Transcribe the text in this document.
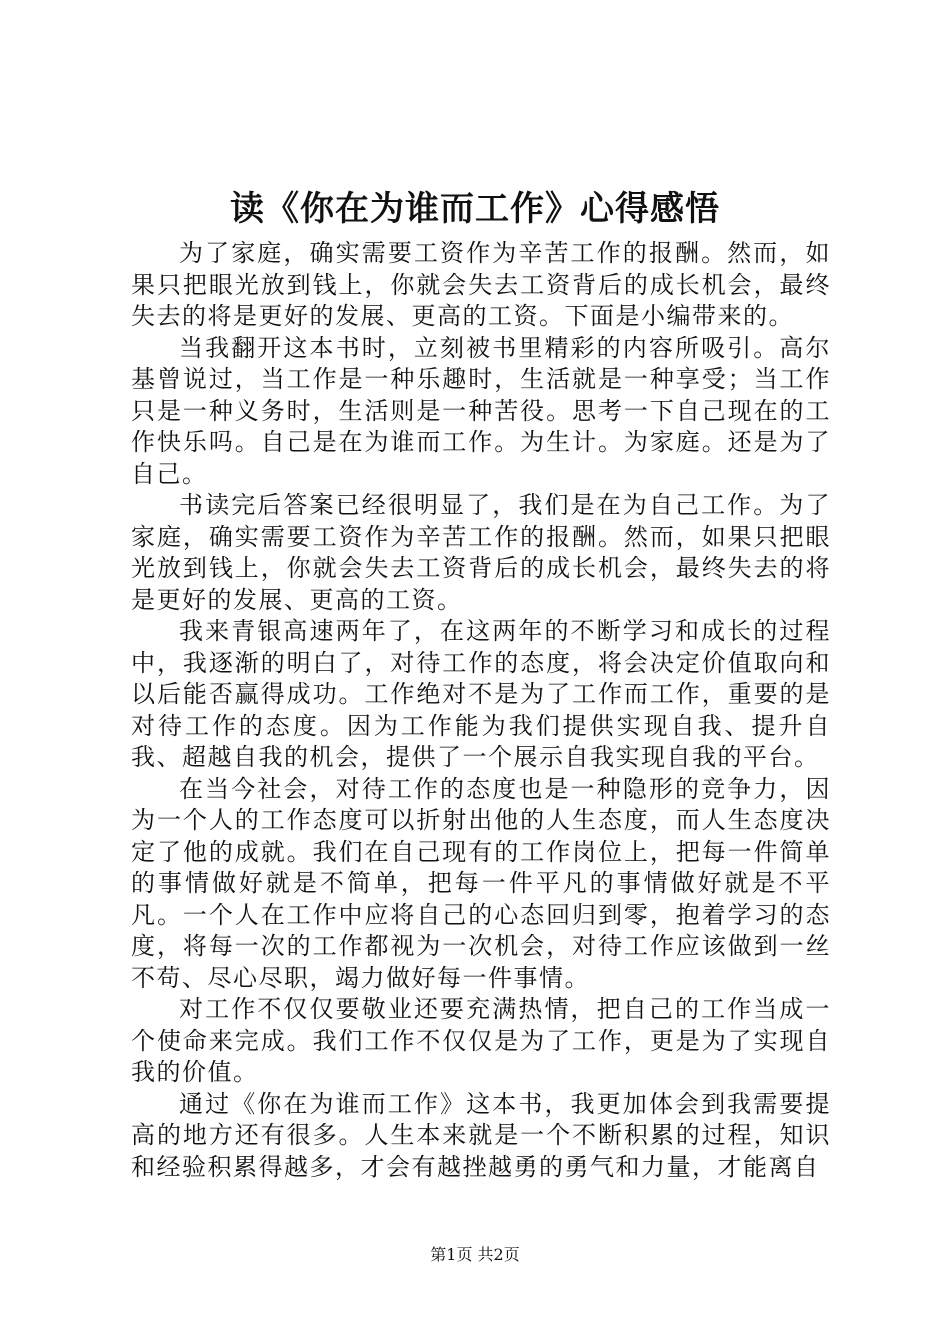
读《你在为谁而工作》心得感悟

为了家庭，确实需要工资作为辛苦工作的报酬。然而，如果只把眼光放到钱上，你就会失去工资背后的成长机会，最终失去的将是更好的发展、更高的工资。下面是小编带来的。

当我翻开这本书时，立刻被书里精彩的内容所吸引。高尔基曾说过，当工作是一种乐趣时，生活就是一种享受；当工作只是一种义务时，生活则是一种苦役。思考一下自己现在的工作快乐吗。自己是在为谁而工作。为生计。为家庭。还是为了自己。

书读完后答案已经很明显了，我们是在为自己工作。为了家庭，确实需要工资作为辛苦工作的报酬。然而，如果只把眼光放到钱上，你就会失去工资背后的成长机会，最终失去的将是更好的发展、更高的工资。

我来青银高速两年了，在这两年的不断学习和成长的过程中，我逐渐的明白了，对待工作的态度，将会决定价值取向和以后能否赢得成功。工作绝对不是为了工作而工作，重要的是对待工作的态度。因为工作能为我们提供实现自我、提升自我、超越自我的机会，提供了一个展示自我实现自我的平台。

在当今社会，对待工作的态度也是一种隐形的竞争力，因为一个人的工作态度可以折射出他的人生态度，而人生态度决定了他的成就。我们在自己现有的工作岗位上，把每一件简单的事情做好就是不简单，把每一件平凡的事情做好就是不平凡。一个人在工作中应将自己的心态回归到零，抱着学习的态度，将每一次的工作都视为一次机会，对待工作应该做到一丝不苟、尽心尽职，竭力做好每一件事情。

对工作不仅仅要敬业还要充满热情，把自己的工作当成一个使命来完成。我们工作不仅仅是为了工作，更是为了实现自我的价值。

通过《你在为谁而工作》这本书，我更加体会到我需要提高的地方还有很多。人生本来就是一个不断积累的过程，知识和经验积累得越多，才会有越挫越勇的勇气和力量，才能离自

第1页 共2页
